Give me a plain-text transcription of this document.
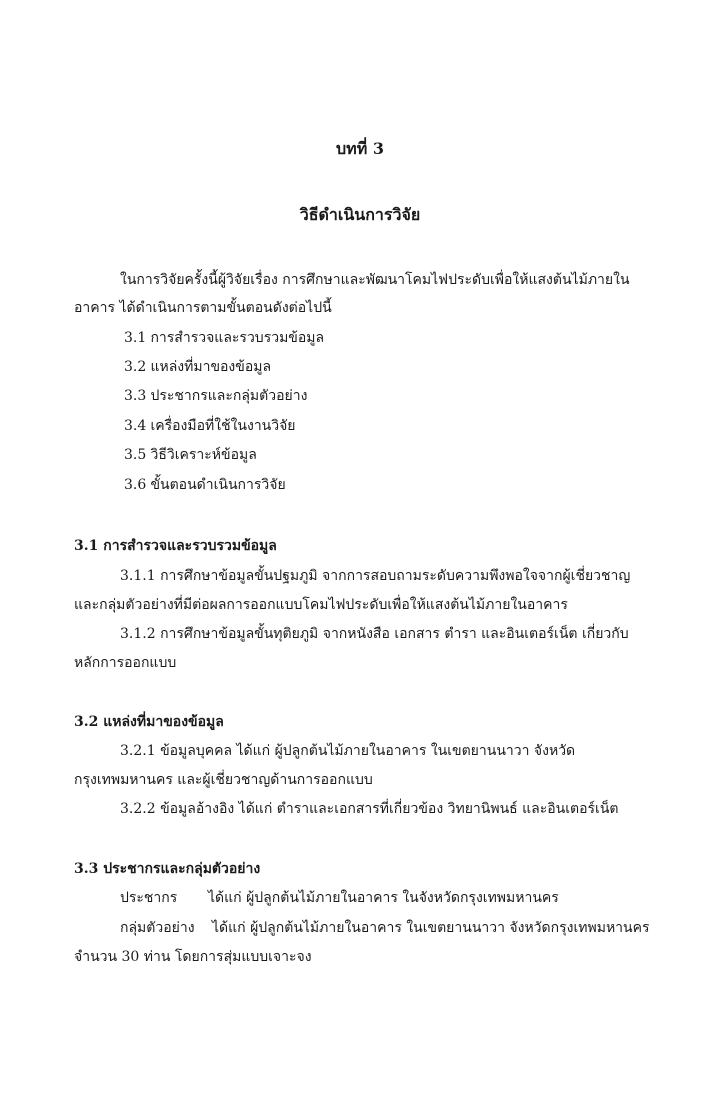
บทที่ 3
วิธีดำเนินการวิจัย
ในการวิจัยครั้งนี้ผู้วิจัยเรื่อง การศึกษาและพัฒนาโคมไฟประดับเพื่อให้แสงต้นไม้ภายใน
อาคาร ได้ดำเนินการตามขั้นตอนดังต่อไปนี้
3.1 การสำรวจและรวบรวมข้อมูล
3.2 แหล่งที่มาของข้อมูล
3.3 ประชากรและกลุ่มตัวอย่าง
3.4 เครื่องมือที่ใช้ในงานวิจัย
3.5 วิธีวิเคราะห์ข้อมูล
3.6 ขั้นตอนดำเนินการวิจัย
3.1 การสำรวจและรวบรวมข้อมูล
3.1.1 การศึกษาข้อมูลขั้นปฐมภูมิ จากการสอบถามระดับความพึงพอใจจากผู้เชี่ยวชาญ
และกลุ่มตัวอย่างที่มีต่อผลการออกแบบโคมไฟประดับเพื่อให้แสงต้นไม้ภายในอาคาร
3.1.2 การศึกษาข้อมูลขั้นทุติยภูมิ จากหนังสือ เอกสาร ตำรา และอินเตอร์เน็ต เกี่ยวกับ
หลักการออกแบบ
3.2 แหล่งที่มาของข้อมูล
3.2.1 ข้อมูลบุคคล ได้แก่ ผู้ปลูกต้นไม้ภายในอาคาร ในเขตยานนาวา จังหวัด
กรุงเทพมหานคร และผู้เชี่ยวชาญด้านการออกแบบ
3.2.2 ข้อมูลอ้างอิง ได้แก่ ตำราและเอกสารที่เกี่ยวข้อง วิทยานิพนธ์ และอินเตอร์เน็ต
3.3 ประชากรและกลุ่มตัวอย่าง
ประชากร ได้แก่ ผู้ปลูกต้นไม้ภายในอาคาร ในจังหวัดกรุงเทพมหานคร
กลุ่มตัวอย่าง ได้แก่ ผู้ปลูกต้นไม้ภายในอาคาร ในเขตยานนาวา จังหวัดกรุงเทพมหานคร
จำนวน 30 ท่าน โดยการสุ่มแบบเจาะจง
